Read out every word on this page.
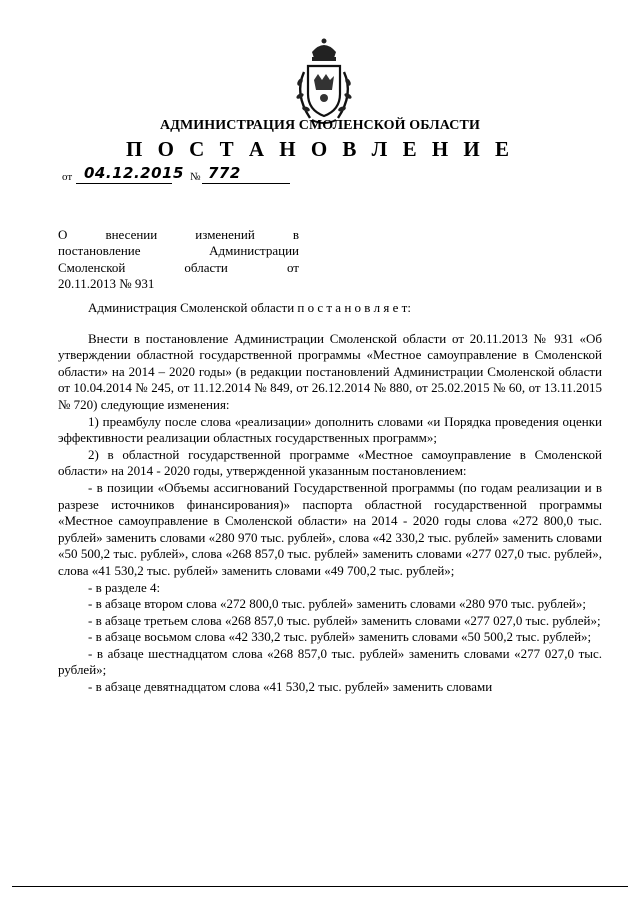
АДМИНИСТРАЦИЯ СМОЛЕНСКОЙ ОБЛАСТИ
П О С Т А Н О В Л Е Н И Е
от 04.12.2015 № 772
О внесении изменений в
постановление Администрации
Смоленской области от
20.11.2013 № 931

Администрация Смоленской области п о с т а н о в л я е т:

Внести в постановление Администрации Смоленской области от 20.11.2013 № 931 «Об утверждении областной государственной программы «Местное самоуправление в Смоленской области» на 2014 – 2020 годы» (в редакции постановлений Администрации Смоленской области от 10.04.2014 № 245, от 11.12.2014 № 849, от 26.12.2014 № 880, от 25.02.2015 № 60, от 13.11.2015 № 720) следующие изменения:

1) преамбулу после слова «реализации» дополнить словами «и Порядка проведения оценки эффективности реализации областных государственных программ»;

2) в областной государственной программе «Местное самоуправление в Смоленской области» на 2014 - 2020 годы, утвержденной указанным постановлением:

- в позиции «Объемы ассигнований Государственной программы (по годам реализации и в разрезе источников финансирования)» паспорта областной государственной программы «Местное самоуправление в Смоленской области» на 2014 - 2020 годы слова «272 800,0 тыс. рублей» заменить словами «280 970 тыс. рублей», слова «42 330,2 тыс. рублей» заменить словами «50 500,2 тыс. рублей», слова «268 857,0 тыс. рублей» заменить словами «277 027,0 тыс. рублей», слова «41 530,2 тыс. рублей» заменить словами «49 700,2 тыс. рублей»;

- в разделе 4:

- в абзаце втором слова «272 800,0 тыс. рублей» заменить словами «280 970 тыс. рублей»;

- в абзаце третьем слова «268 857,0 тыс. рублей» заменить словами «277 027,0 тыс. рублей»;

- в абзаце восьмом слова «42 330,2 тыс. рублей» заменить словами «50 500,2 тыс. рублей»;

- в абзаце шестнадцатом слова «268 857,0 тыс. рублей» заменить словами «277 027,0 тыс. рублей»;

- в абзаце девятнадцатом слова «41 530,2 тыс. рублей» заменить словами
